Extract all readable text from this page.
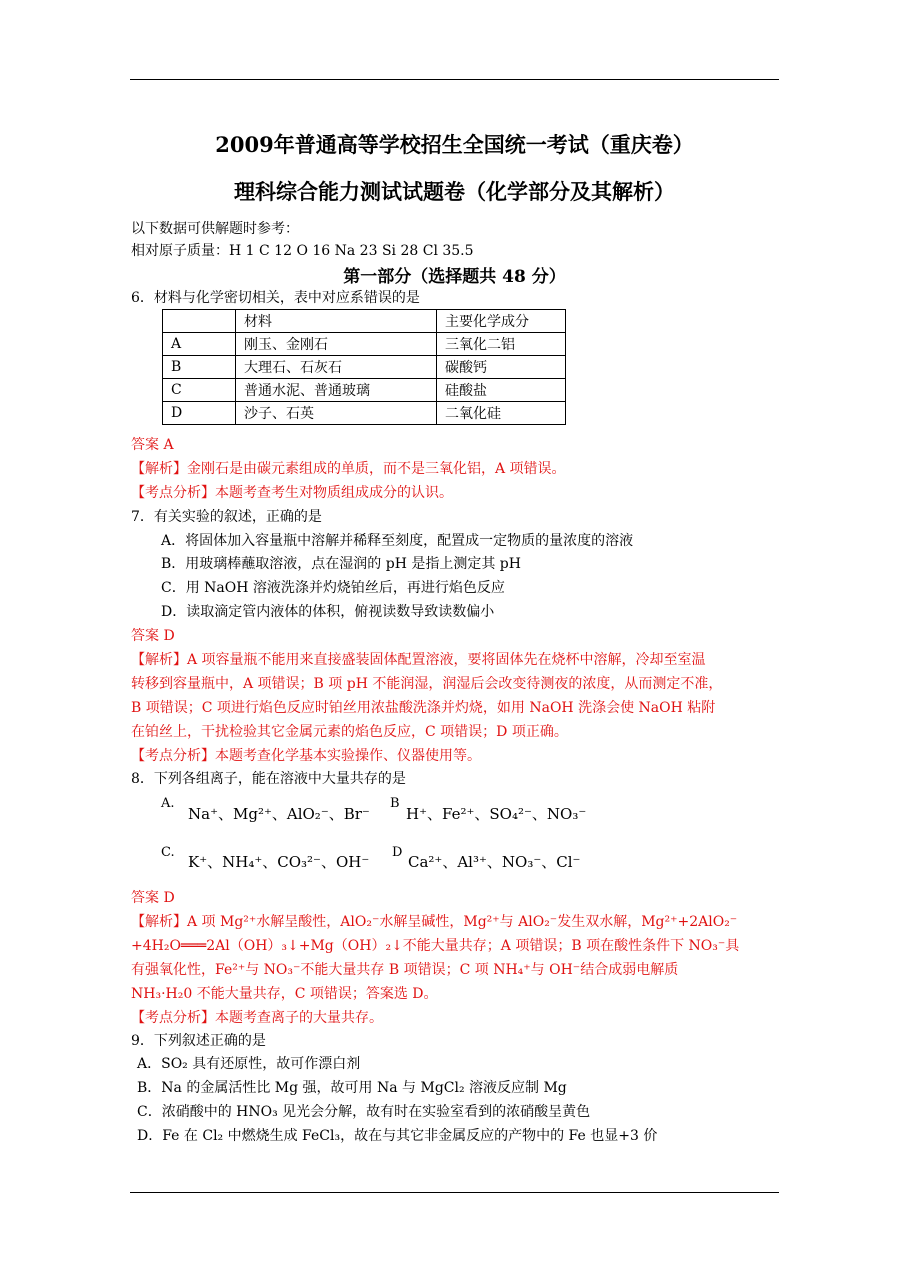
2009年普通高等学校招生全国统一考试（重庆卷）
理科综合能力测试试题卷（化学部分及其解析）
以下数据可供解题时参考：
相对原子质量：H 1 C 12 O 16 Na 23 Si 28 Cl 35.5
第一部分（选择题共 48 分）
6．材料与化学密切相关，表中对应系错误的是
	材料	主要化学成分
A	刚玉、金刚石	三氧化二铝
B	大理石、石灰石	碳酸钙
C	普通水泥、普通玻璃	硅酸盐
D	沙子、石英	二氧化硅
答案 A
【解析】金刚石是由碳元素组成的单质，而不是三氧化铝，A 项错误。
【考点分析】本题考查考生对物质组成成分的认识。
7．有关实验的叙述，正确的是
A．将固体加入容量瓶中溶解并稀释至刻度，配置成一定物质的量浓度的溶液
B．用玻璃棒蘸取溶液，点在湿润的 pH 是指上测定其 pH
C．用 NaOH 溶液洗涤并灼烧铂丝后，再进行焰色反应
D．读取滴定管内液体的体积，俯视读数导致读数偏小
答案 D
【解析】A 项容量瓶不能用来直接盛装固体配置溶液，要将固体先在烧杯中溶解，冷却至室温
转移到容量瓶中，A 项错误；B 项 pH 不能润湿，润湿后会改变待测夜的浓度，从而测定不准，
B 项错误；C 项进行焰色反应时铂丝用浓盐酸洗涤并灼烧，如用 NaOH 洗涤会使 NaOH 粘附
在铂丝上，干扰检验其它金属元素的焰色反应，C 项错误；D 项正确。
【考点分析】本题考查化学基本实验操作、仪器使用等。
8．下列各组离子，能在溶液中大量共存的是
A.
Na⁺、Mg²⁺、AlO₂⁻、Br⁻
B
H⁺、Fe²⁺、SO₄²⁻、NO₃⁻
C.
K⁺、NH₄⁺、CO₃²⁻、OH⁻
D
Ca²⁺、Al³⁺、NO₃⁻、Cl⁻
答案 D
【解析】A 项 Mg²⁺水解呈酸性，AlO₂⁻水解呈碱性，Mg²⁺与 AlO₂⁻发生双水解，Mg²⁺+2AlO₂⁻
+4H₂O═══2Al（OH）₃↓+Mg（OH）₂↓不能大量共存；A 项错误；B 项在酸性条件下 NO₃⁻具
有强氧化性，Fe²⁺与 NO₃⁻不能大量共存 B 项错误；C 项 NH₄⁺与 OH⁻结合成弱电解质
NH₃·H₂0 不能大量共存，C 项错误；答案选 D。
【考点分析】本题考查离子的大量共存。
9．下列叙述正确的是
A．SO₂ 具有还原性，故可作漂白剂
B．Na 的金属活性比 Mg 强，故可用 Na 与 MgCl₂ 溶液反应制 Mg
C．浓硝酸中的 HNO₃ 见光会分解，故有时在实验室看到的浓硝酸呈黄色
D．Fe 在 Cl₂ 中燃烧生成 FeCl₃，故在与其它非金属反应的产物中的 Fe 也显+3 价
